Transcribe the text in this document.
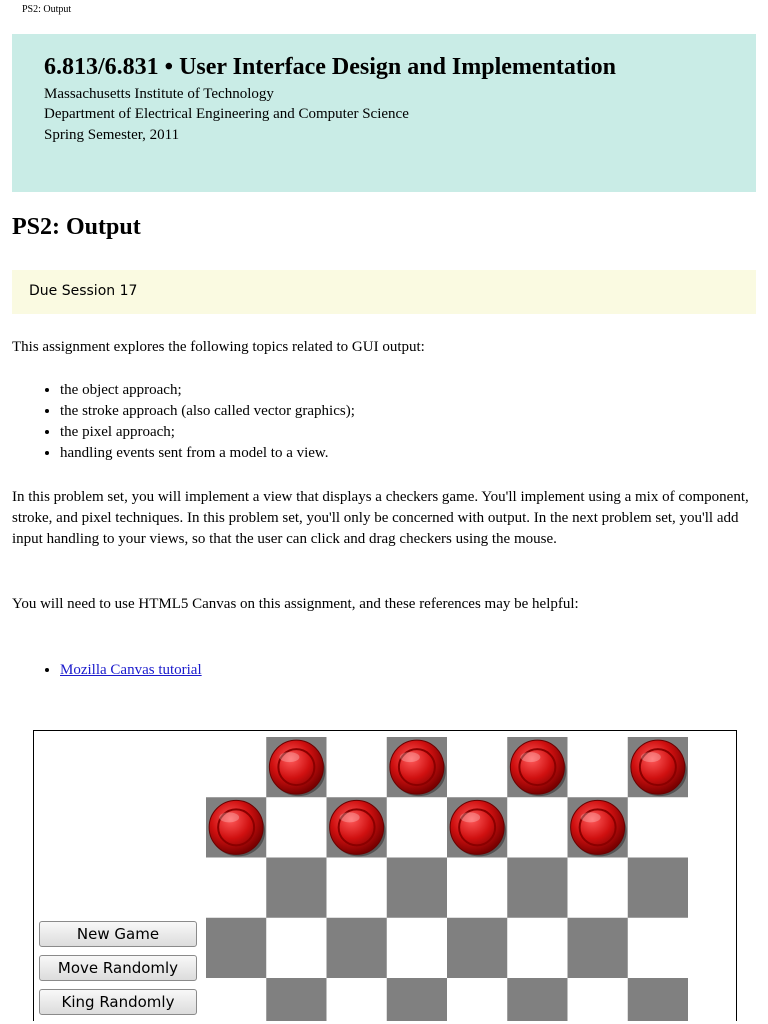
PS2: Output
6.813/6.831 • User Interface Design and Implementation
Massachusetts Institute of Technology
Department of Electrical Engineering and Computer Science
Spring Semester, 2011
PS2: Output
Due Session 17

This assignment explores the following topics related to GUI output:

• the object approach;
• the stroke approach (also called vector graphics);
• the pixel approach;
• handling events sent from a model to a view.

In this problem set, you will implement a view that displays a checkers game. You'll implement using a mix of component, stroke, and pixel techniques. In this problem set, you'll only be concerned with output. In the next problem set, you'll add input handling to your views, so that the user can click and drag checkers using the mouse.

You will need to use HTML5 Canvas on this assignment, and these references may be helpful:

• Mozilla Canvas tutorial
New Game
Move Randomly
King Randomly
